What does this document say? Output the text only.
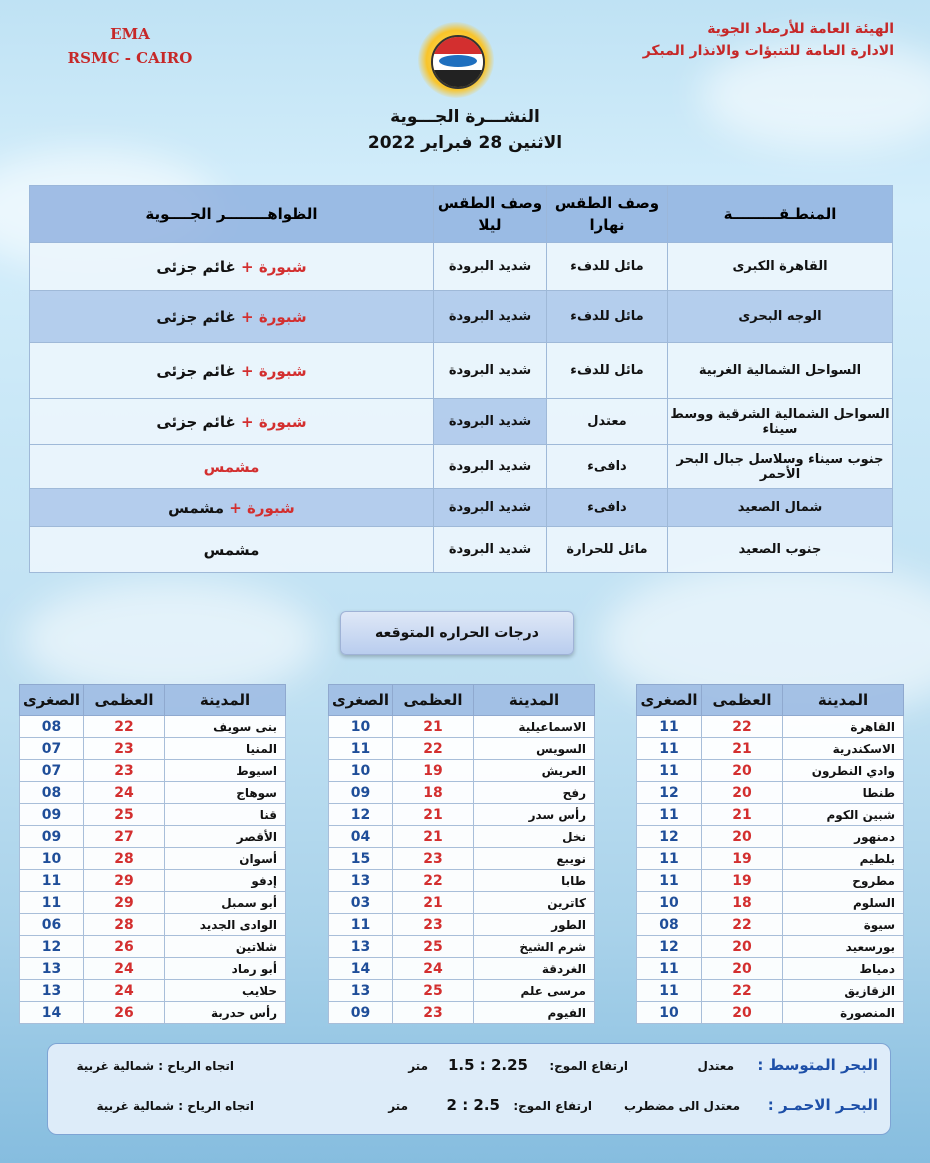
EMA
RSMC - CAIRO
الهيئة العامة للأرصاد الجوية
الادارة العامة للتنبؤات والانذار المبكر
النشـــرة الجـــوية
الاثنين 28 فبراير 2022
المنطـقـــــــــة	وصف الطقس نهارا	وصف الطقس ليلا	الظواهــــــــر الجــــوية
القاهرة الكبرى	مائل للدفء	شديد البرودة	شبورة + غائم جزئى
الوجه البحرى	مائل للدفء	شديد البرودة	شبورة + غائم جزئى
السواحل الشمالية الغربية	مائل للدفء	شديد البرودة	شبورة + غائم جزئى
السواحل الشمالية الشرقية ووسط سيناء	معتدل	شديد البرودة	شبورة + غائم جزئى
جنوب سيناء وسلاسل جبال البحر الأحمر	دافىء	شديد البرودة	مشمس
شمال الصعيد	دافىء	شديد البرودة	شبورة + مشمس
جنوب الصعيد	مائل للحرارة	شديد البرودة	مشمس
درجات الحراره المتوقعه
المدينة	العظمى	الصغرى
القاهرة	22	11
الاسكندرية	21	11
وادي النطرون	20	11
طنطا	20	12
شبين الكوم	21	11
دمنهور	20	12
بلطيم	19	11
مطروح	19	11
السلوم	18	10
سيوة	22	08
بورسعيد	20	12
دمياط	20	11
الزقازيق	22	11
المنصورة	20	10
المدينة	العظمى	الصغرى
الاسماعيلية	21	10
السويس	22	11
العريش	19	10
رفح	18	09
رأس سدر	21	12
نخل	21	04
نويبع	23	15
طابا	22	13
كاترين	21	03
الطور	23	11
شرم الشيخ	25	13
الغردقة	24	14
مرسى علم	25	13
الفيوم	23	09
المدينة	العظمى	الصغرى
بنى سويف	22	08
المنيا	23	07
اسيوط	23	07
سوهاج	24	08
قنا	25	09
الأقصر	27	09
أسوان	28	10
إدفو	29	11
أبو سمبل	29	11
الوادى الجديد	28	06
شلاتين	26	12
أبو رماد	24	13
حلايب	24	13
رأس حدربة	26	14
البحر المتوسط :
معتدل
ارتفاع الموج:
1.5 : 2.25
متر
اتجاه الرياح : شمالية غربية
البحـر الاحمـر :
معتدل الى مضطرب
ارتفاع الموج:
2 : 2.5
متر
اتجاه الرياح : شمالية غربية
